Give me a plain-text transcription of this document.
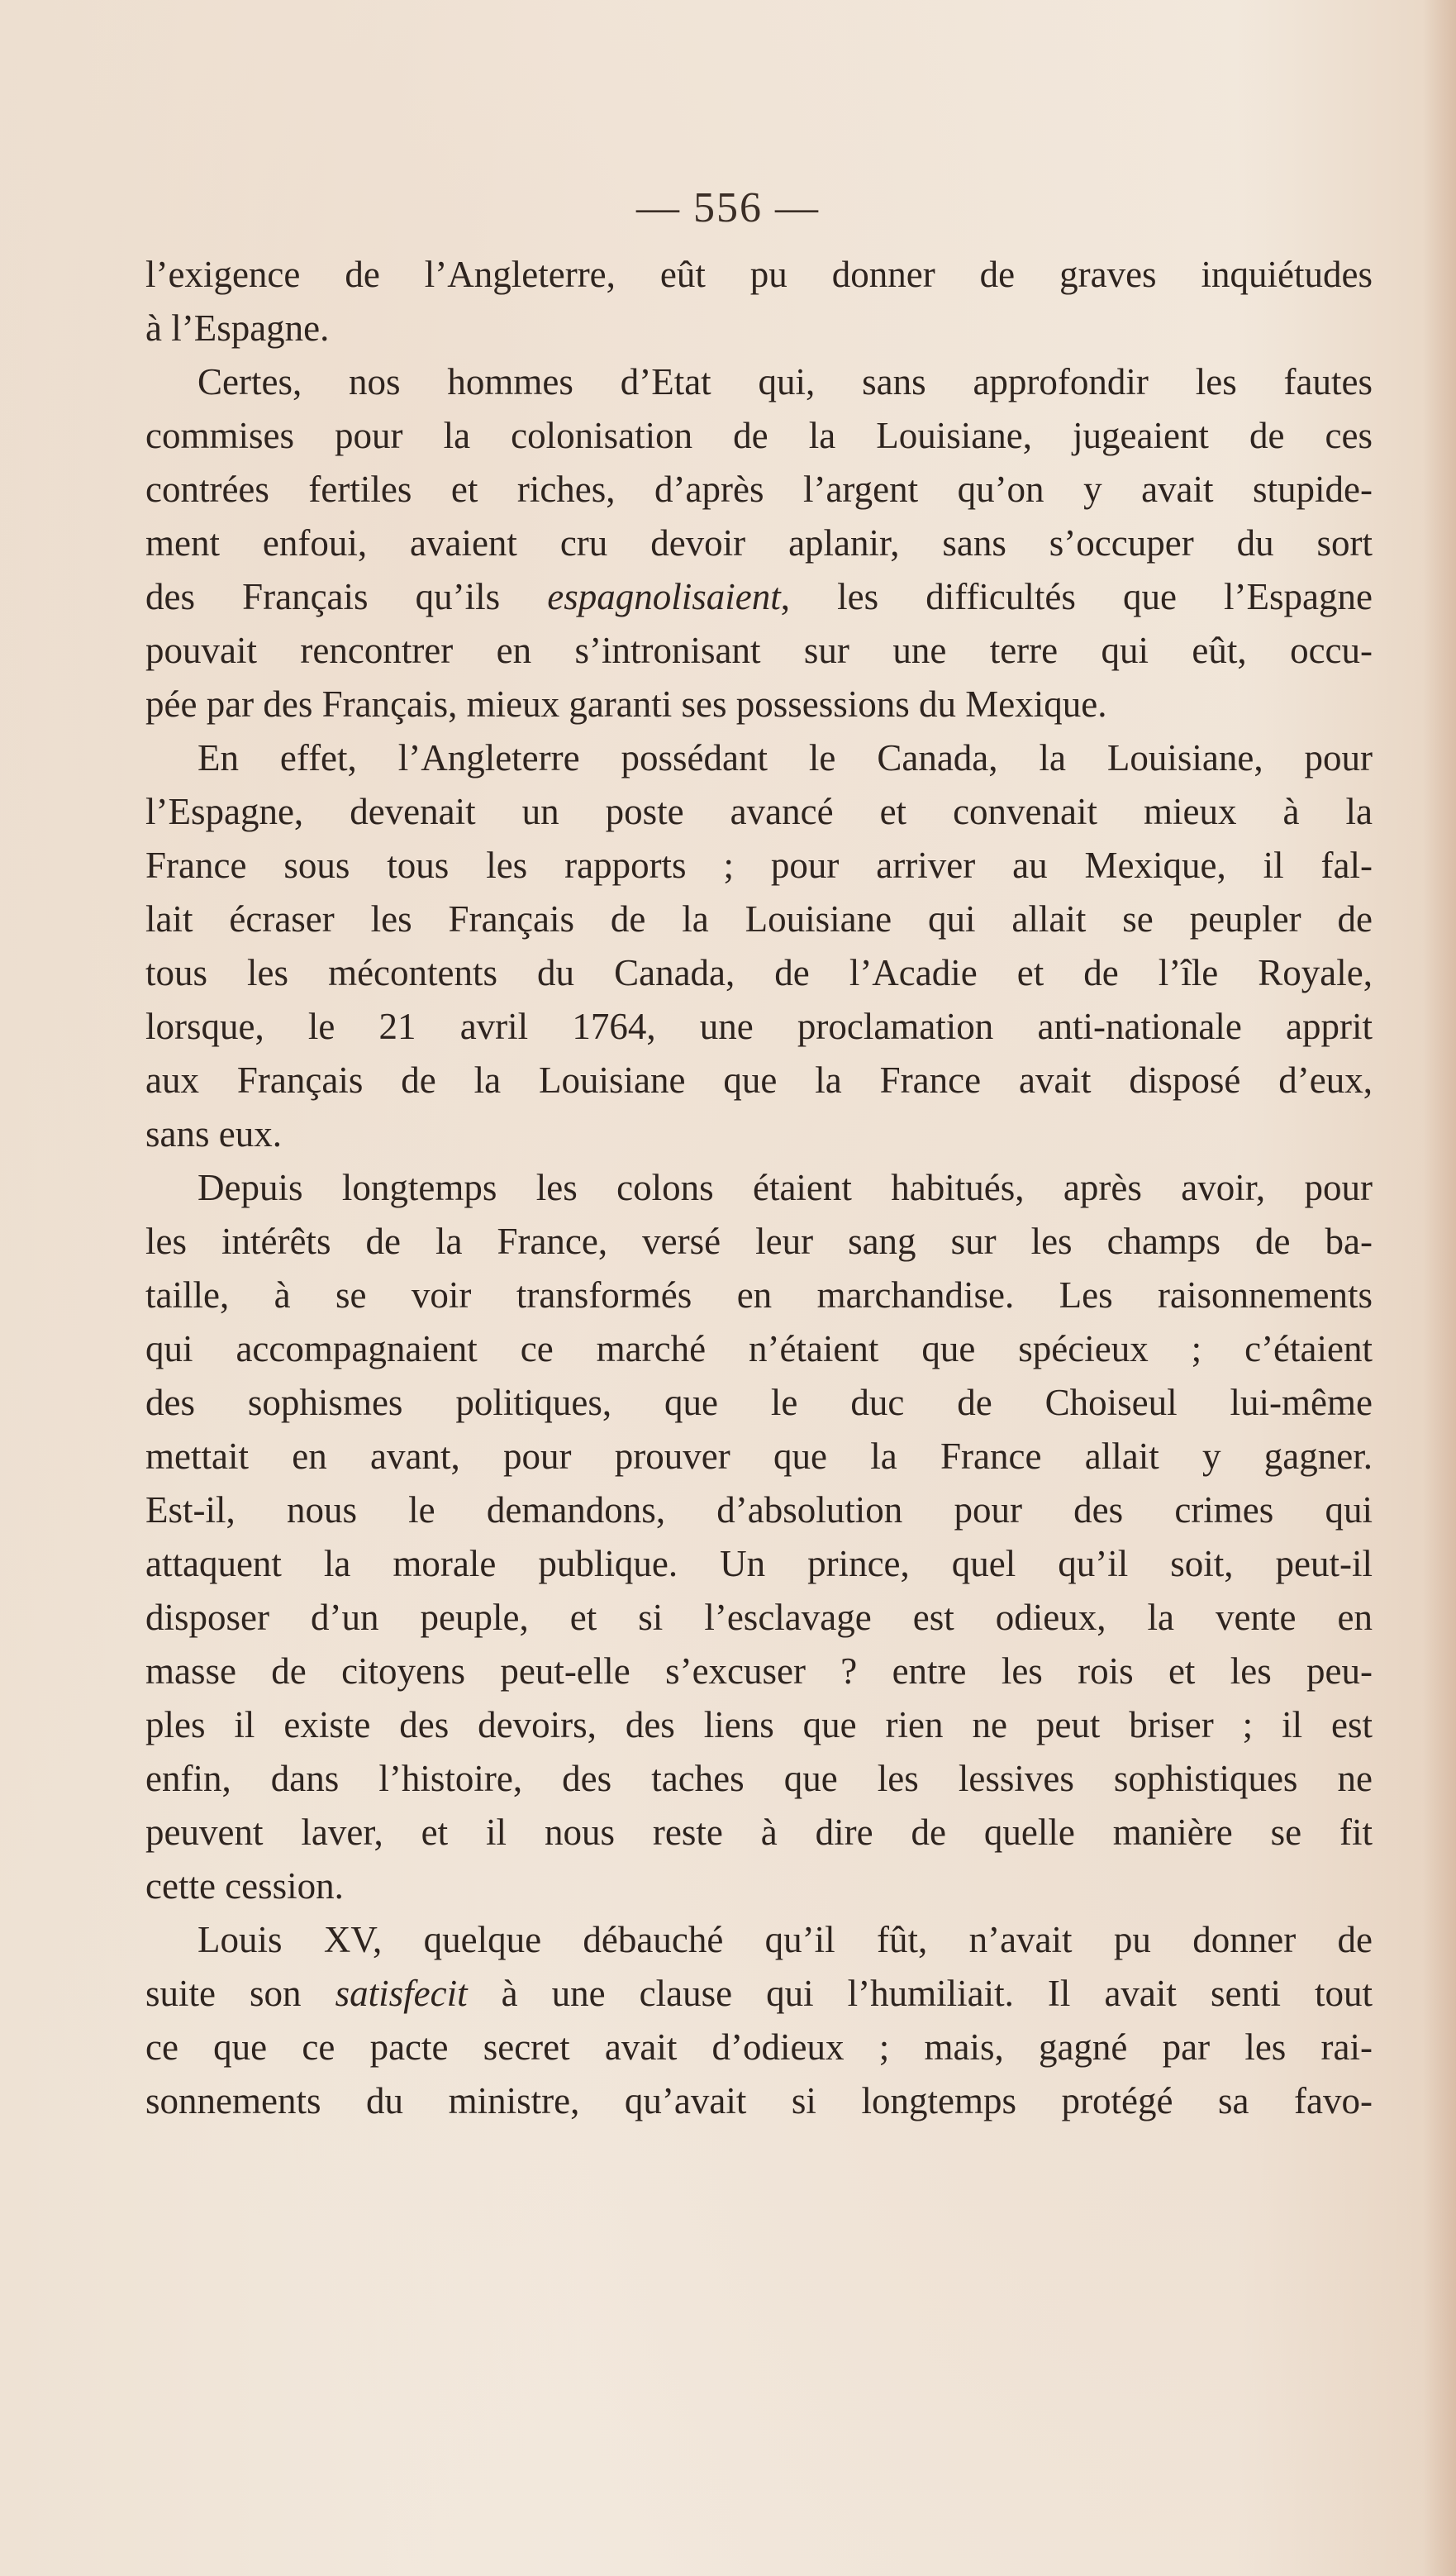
— 556 —
l’exigence de l’Angleterre, eût pu donner de graves inquiétudes
à l’Espagne.
Certes, nos hommes d’Etat qui, sans approfondir les fautes
commises pour la colonisation de la Louisiane, jugeaient de ces
contrées fertiles et riches, d’après l’argent qu’on y avait stupide-
ment enfoui, avaient cru devoir aplanir, sans s’occuper du sort
des Français qu’ils espagnolisaient, les difficultés que l’Espagne
pouvait rencontrer en s’intronisant sur une terre qui eût, occu-
pée par des Français, mieux garanti ses possessions du Mexique.
En effet, l’Angleterre possédant le Canada, la Louisiane, pour
l’Espagne, devenait un poste avancé et convenait mieux à la
France sous tous les rapports ; pour arriver au Mexique, il fal-
lait écraser les Français de la Louisiane qui allait se peupler de
tous les mécontents du Canada, de l’Acadie et de l’île Royale,
lorsque, le 21 avril 1764, une proclamation anti-nationale apprit
aux Français de la Louisiane que la France avait disposé d’eux,
sans eux.
Depuis longtemps les colons étaient habitués, après avoir, pour
les intérêts de la France, versé leur sang sur les champs de ba-
taille, à se voir transformés en marchandise. Les raisonnements
qui accompagnaient ce marché n’étaient que spécieux ; c’étaient
des sophismes politiques, que le duc de Choiseul lui-même
mettait en avant, pour prouver que la France allait y gagner.
Est-il, nous le demandons, d’absolution pour des crimes qui
attaquent la morale publique. Un prince, quel qu’il soit, peut-il
disposer d’un peuple, et si l’esclavage est odieux, la vente en
masse de citoyens peut-elle s’excuser ? entre les rois et les peu-
ples il existe des devoirs, des liens que rien ne peut briser ; il est
enfin, dans l’histoire, des taches que les lessives sophistiques ne
peuvent laver, et il nous reste à dire de quelle manière se fit
cette cession.
Louis XV, quelque débauché qu’il fût, n’avait pu donner de
suite son satisfecit à une clause qui l’humiliait. Il avait senti tout
ce que ce pacte secret avait d’odieux ; mais, gagné par les rai-
sonnements du ministre, qu’avait si longtemps protégé sa favo-
